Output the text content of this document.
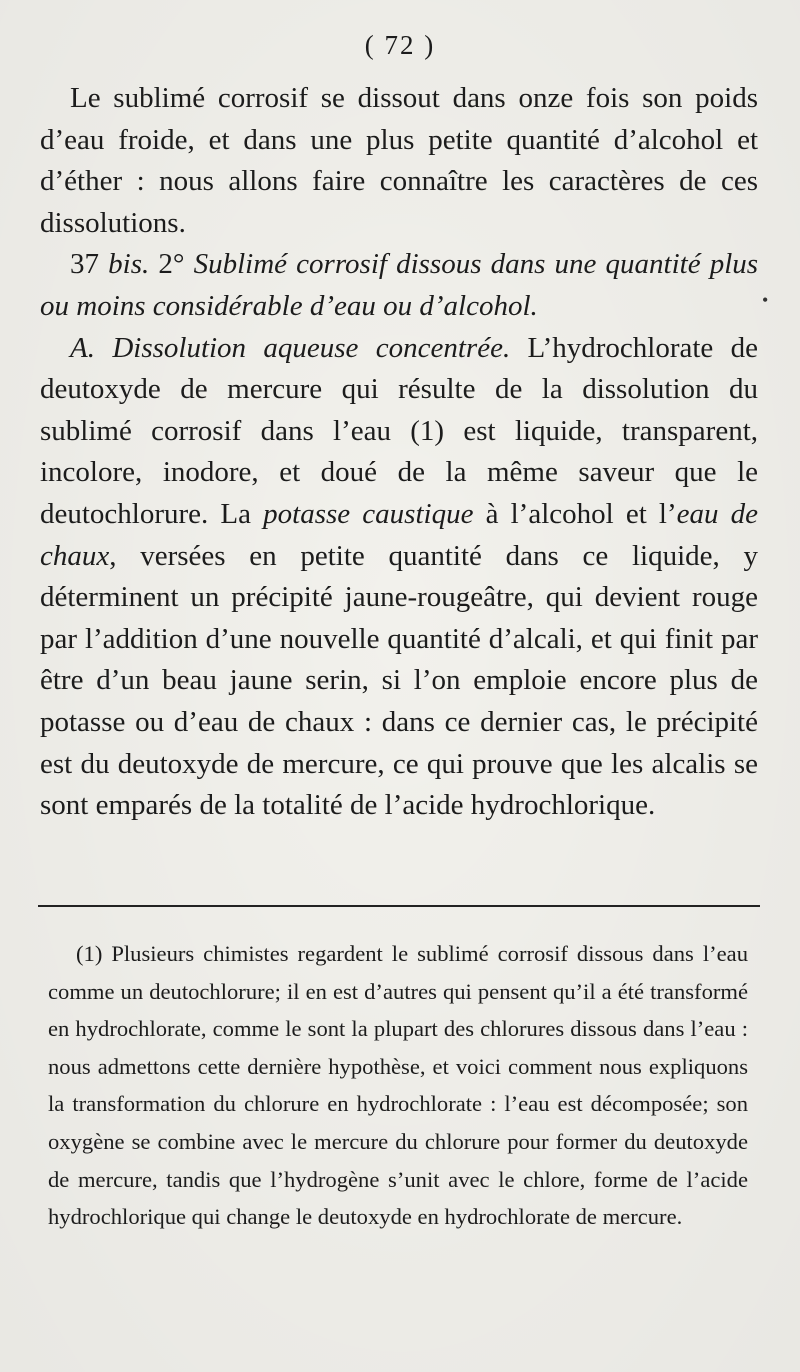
( 72 )

Le sublimé corrosif se dissout dans onze fois son poids d’eau froide, et dans une plus petite quantité d’alcohol et d’éther : nous allons faire connaître les caractères de ces dissolutions.

37 bis. 2° Sublimé corrosif dissous dans une quantité plus ou moins considérable d’eau ou d’alcohol.

A. Dissolution aqueuse concentrée. L’hydrochlorate de deutoxyde de mercure qui résulte de la dissolution du sublimé corrosif dans l’eau (1) est liquide, transparent, incolore, inodore, et doué de la même saveur que le deutochlorure. La potasse caustique à l’alcohol et l’eau de chaux, versées en petite quantité dans ce liquide, y déterminent un précipité jaune-rougeâtre, qui devient rouge par l’addition d’une nouvelle quantité d’alcali, et qui finit par être d’un beau jaune serin, si l’on emploie encore plus de potasse ou d’eau de chaux : dans ce dernier cas, le précipité est du deutoxyde de mercure, ce qui prouve que les alcalis se sont emparés de la totalité de l’acide hydrochlorique.

(1) Plusieurs chimistes regardent le sublimé corrosif dissous dans l’eau comme un deutochlorure; il en est d’autres qui pensent qu’il a été transformé en hydrochlorate, comme le sont la plupart des chlorures dissous dans l’eau : nous admettons cette dernière hypothèse, et voici comment nous expliquons la transformation du chlorure en hydrochlorate : l’eau est décomposée; son oxygène se combine avec le mercure du chlorure pour former du deutoxyde de mercure, tandis que l’hydrogène s’unit avec le chlore, forme de l’acide hydrochlorique qui change le deutoxyde en hydrochlorate de mercure.

•
